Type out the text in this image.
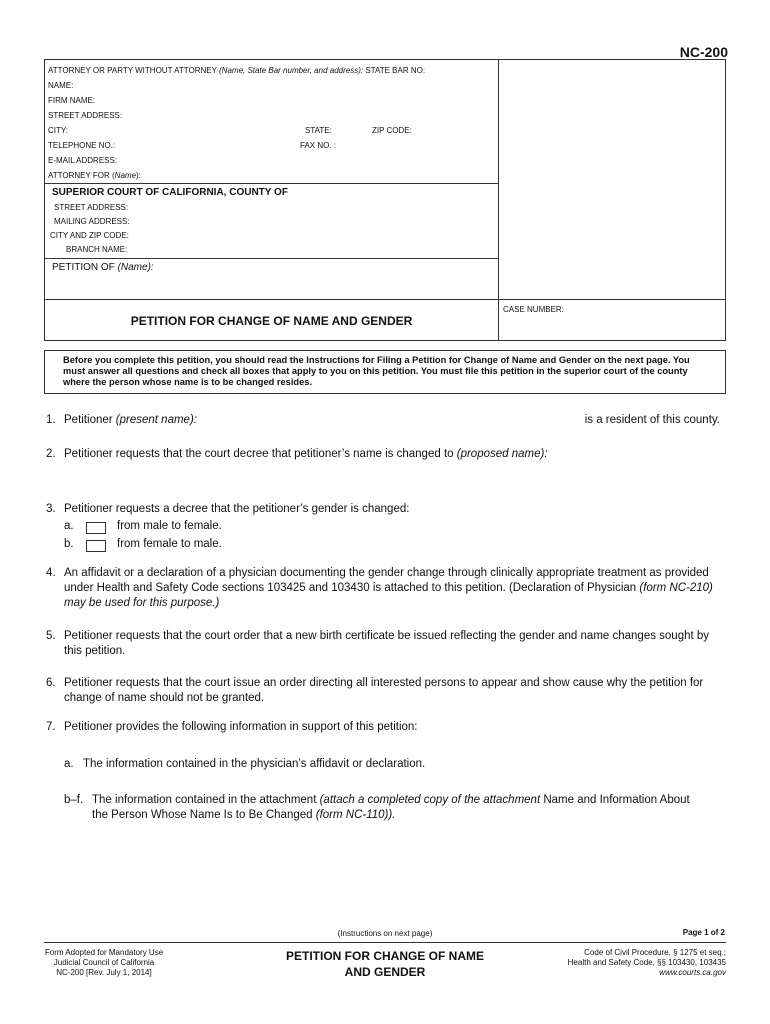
NC-200
ATTORNEY OR PARTY WITHOUT ATTORNEY (Name, State Bar number, and address): STATE BAR NO:
NAME:
FIRM NAME:
STREET ADDRESS:
CITY:	STATE:	ZIP CODE:
TELEPHONE NO.:	FAX NO. :
E-MAIL ADDRESS:
ATTORNEY FOR (Name):
SUPERIOR COURT OF CALIFORNIA, COUNTY OF
STREET ADDRESS:
MAILING ADDRESS:
CITY AND ZIP CODE:
BRANCH NAME:
PETITION OF (Name):
CASE NUMBER:
PETITION FOR CHANGE OF NAME AND GENDER
Before you complete this petition, you should read the Instructions for Filing a Petition for Change of Name and Gender on the next page. You must answer all questions and check all boxes that apply to you on this petition. You must file this petition in the superior court of the county where the person whose name is to be changed resides.
1. Petitioner (present name):	is a resident of this county.
2. Petitioner requests that the court decree that petitioner’s name is changed to (proposed name):
3. Petitioner requests a decree that the petitioner’s gender is changed:
a.	from male to female.
b.	from female to male.
4. An affidavit or a declaration of a physician documenting the gender change through clinically appropriate treatment as provided under Health and Safety Code sections 103425 and 103430 is attached to this petition. (Declaration of Physician (form NC-210) may be used for this purpose.)
5. Petitioner requests that the court order that a new birth certificate be issued reflecting the gender and name changes sought by this petition.
6. Petitioner requests that the court issue an order directing all interested persons to appear and show cause why the petition for change of name should not be granted.
7. Petitioner provides the following information in support of this petition:
a. The information contained in the physician’s affidavit or declaration.
b–f. The information contained in the attachment (attach a completed copy of the attachment Name and Information About the Person Whose Name Is to Be Changed (form NC-110)).
(Instructions on next page)	Page 1 of 2
Form Adopted for Mandatory Use
Judicial Council of California
NC-200 [Rev. July 1, 2014]
PETITION FOR CHANGE OF NAME
AND GENDER
Code of Civil Procedure, § 1275 et seq.;
Health and Safety Code, §§ 103430, 103435
www.courts.ca.gov
